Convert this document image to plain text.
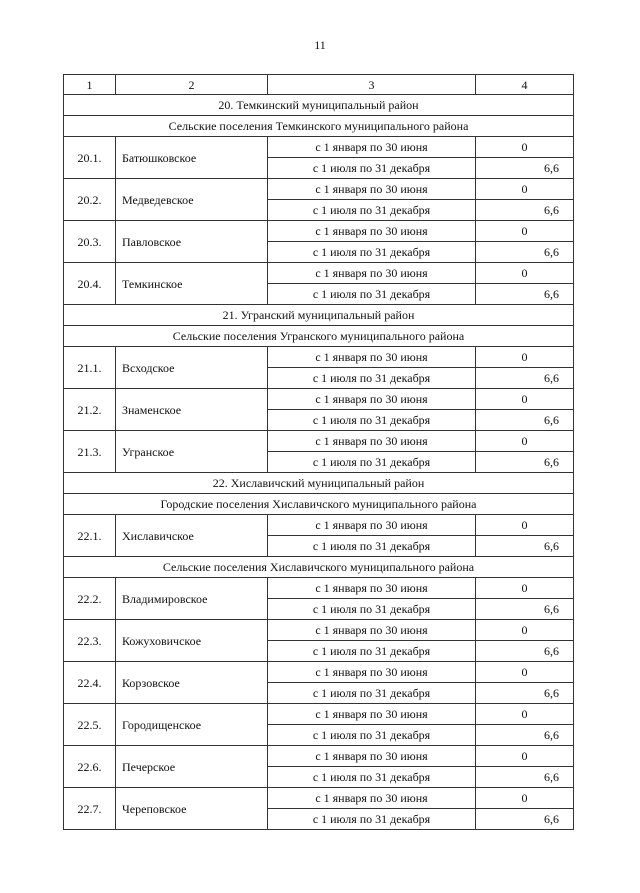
11
1	2	3	4
20. Темкинский муниципальный район			
Сельские поселения Темкинского муниципального района			
20.1.	Батюшковское	с 1 января по 30 июня	0
		с 1 июля по 31 декабря	6,6
20.2.	Медведевское	с 1 января по 30 июня	0
		с 1 июля по 31 декабря	6,6
20.3.	Павловское	с 1 января по 30 июня	0
		с 1 июля по 31 декабря	6,6
20.4.	Темкинское	с 1 января по 30 июня	0
		с 1 июля по 31 декабря	6,6
21. Угранский муниципальный район			
Сельские поселения Угранского муниципального района			
21.1.	Всходское	с 1 января по 30 июня	0
		с 1 июля по 31 декабря	6,6
21.2.	Знаменское	с 1 января по 30 июня	0
		с 1 июля по 31 декабря	6,6
21.3.	Угранское	с 1 января по 30 июня	0
		с 1 июля по 31 декабря	6,6
22. Хиславичский муниципальный район			
Городские поселения Хиславичского муниципального района			
22.1.	Хиславичское	с 1 января по 30 июня	0
		с 1 июля по 31 декабря	6,6
Сельские поселения Хиславичского муниципального района			
22.2.	Владимировское	с 1 января по 30 июня	0
		с 1 июля по 31 декабря	6,6
22.3.	Кожуховичское	с 1 января по 30 июня	0
		с 1 июля по 31 декабря	6,6
22.4.	Корзовское	с 1 января по 30 июня	0
		с 1 июля по 31 декабря	6,6
22.5.	Городищенское	с 1 января по 30 июня	0
		с 1 июля по 31 декабря	6,6
22.6.	Печерское	с 1 января по 30 июня	0
		с 1 июля по 31 декабря	6,6
22.7.	Череповское	с 1 января по 30 июня	0
		с 1 июля по 31 декабря	6,6
